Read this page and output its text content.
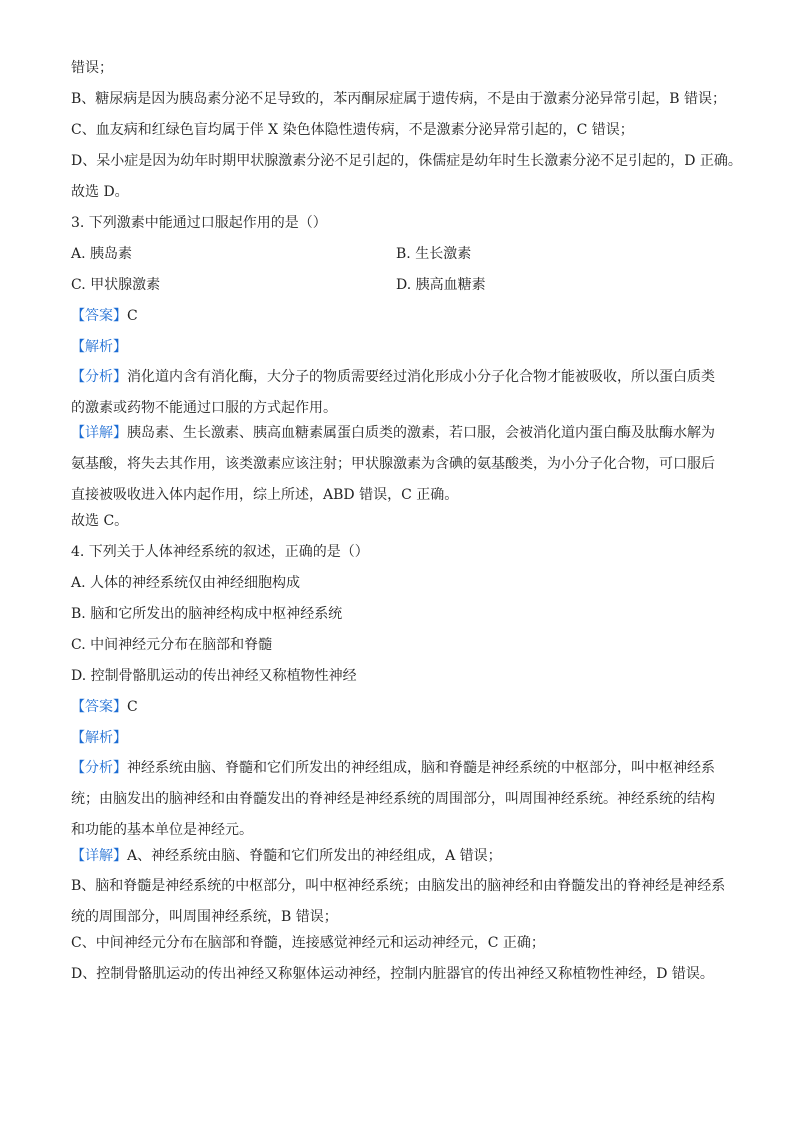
错误；
B、糖尿病是因为胰岛素分泌不足导致的，苯丙酮尿症属于遗传病，不是由于激素分泌异常引起，B 错误；
C、血友病和红绿色盲均属于伴 X 染色体隐性遗传病，不是激素分泌异常引起的，C 错误；
D、呆小症是因为幼年时期甲状腺激素分泌不足引起的，侏儒症是幼年时生长激素分泌不足引起的，D 正确。
故选 D。
3. 下列激素中能通过口服起作用的是（）
A. 胰岛素	B. 生长激素
C. 甲状腺激素	D. 胰高血糖素
【答案】C
【解析】
【分析】消化道内含有消化酶，大分子的物质需要经过消化形成小分子化合物才能被吸收，所以蛋白质类的激素或药物不能通过口服的方式起作用。
【详解】胰岛素、生长激素、胰高血糖素属蛋白质类的激素，若口服，会被消化道内蛋白酶及肽酶水解为氨基酸，将失去其作用，该类激素应该注射；甲状腺激素为含碘的氨基酸类，为小分子化合物，可口服后直接被吸收进入体内起作用，综上所述，ABD 错误，C 正确。
故选 C。
4. 下列关于人体神经系统的叙述，正确的是（）
A. 人体的神经系统仅由神经细胞构成
B. 脑和它所发出的脑神经构成中枢神经系统
C. 中间神经元分布在脑部和脊髓
D. 控制骨骼肌运动的传出神经又称植物性神经
【答案】C
【解析】
【分析】神经系统由脑、脊髓和它们所发出的神经组成，脑和脊髓是神经系统的中枢部分，叫中枢神经系统；由脑发出的脑神经和由脊髓发出的脊神经是神经系统的周围部分，叫周围神经系统。神经系统的结构和功能的基本单位是神经元。
【详解】A、神经系统由脑、脊髓和它们所发出的神经组成，A 错误；
B、脑和脊髓是神经系统的中枢部分，叫中枢神经系统；由脑发出的脑神经和由脊髓发出的脊神经是神经系统的周围部分，叫周围神经系统，B 错误；
C、中间神经元分布在脑部和脊髓，连接感觉神经元和运动神经元，C 正确；
D、控制骨骼肌运动的传出神经又称躯体运动神经，控制内脏器官的传出神经又称植物性神经，D 错误。
